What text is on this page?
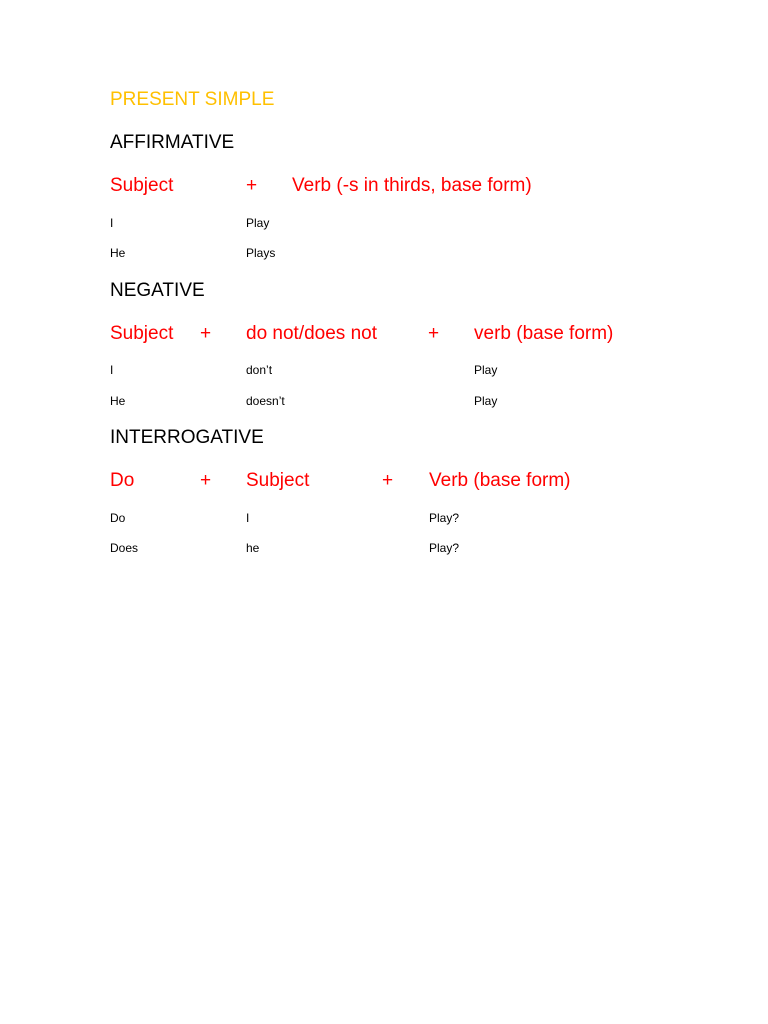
PRESENT SIMPLE
AFFIRMATIVE
Subject	+ Verb (-s in thirds, base form)
I	Play
He	Plays
NEGATIVE
Subject + do not/does not	+ verb (base form)
I	don’t	Play
He	doesn’t	Play
INTERROGATIVE
Do	+ Subject	+ Verb (base form)
Do	I	Play?
Does	he	Play?
